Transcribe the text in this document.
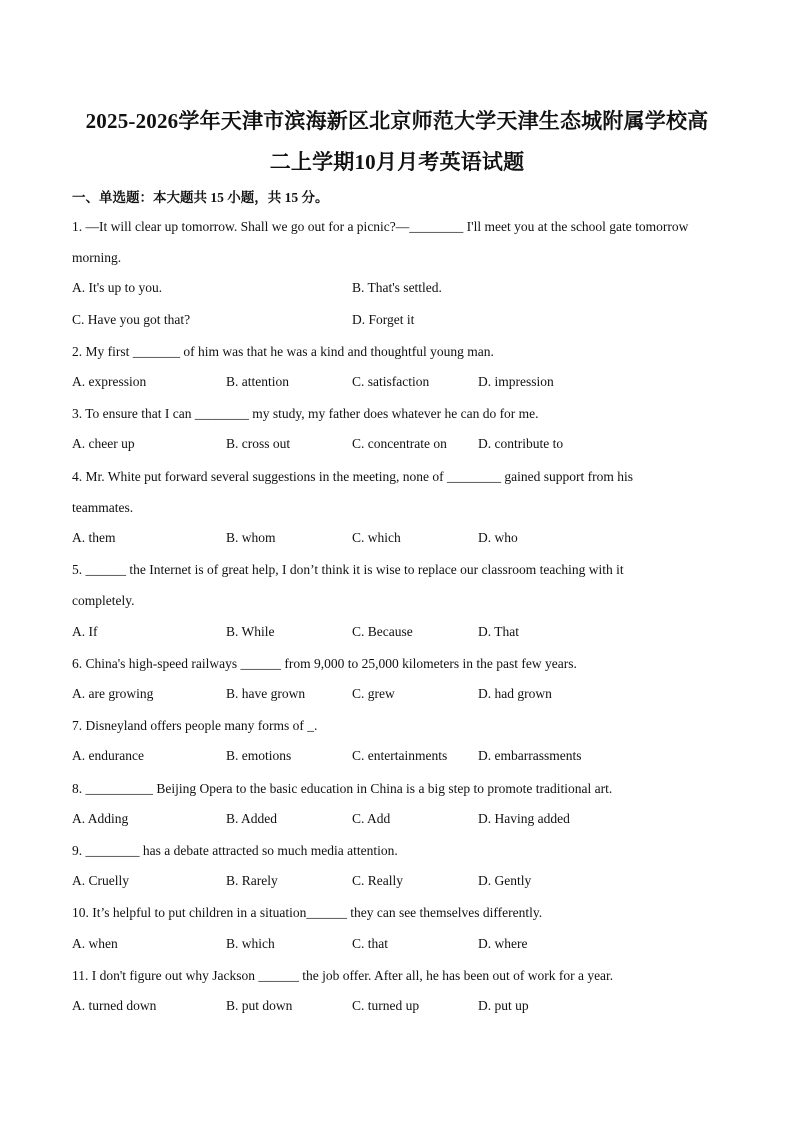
2025-2026学年天津市滨海新区北京师范大学天津生态城附属学校高
二上学期10月月考英语试题
一、单选题：本大题共 15 小题，共 15 分。
1. —It will clear up tomorrow. Shall we go out for a picnic?—________ I'll meet you at the school gate tomorrow
morning.
A. It's up to you.	B. That's settled.
C. Have you got that?	D. Forget it
2. My first _______ of him was that he was a kind and thoughtful young man.
A. expression	B. attention	C. satisfaction	D. impression
3. To ensure that I can ________ my study, my father does whatever he can do for me.
A. cheer up	B. cross out	C. concentrate on D. contribute to
4. Mr. White put forward several suggestions in the meeting, none of ________ gained support from his
teammates.
A. them	B. whom	C. which	D. who
5. ______ the Internet is of great help, I don’t think it is wise to replace our classroom teaching with it
completely.
A. If	B. While	C. Because	D. That
6. China's high-speed railways ______ from 9,000 to 25,000 kilometers in the past few years.
A. are growing	B. have grown	C. grew	D. had grown
7. Disneyland offers people many forms of _.
A. endurance	B. emotions	C. entertainments D. embarrassments
8. __________ Beijing Opera to the basic education in China is a big step to promote traditional art.
A. Adding	B. Added	C. Add	D. Having added
9. ________ has a debate attracted so much media attention.
A. Cruelly	B. Rarely	C. Really	D. Gently
10. It’s helpful to put children in a situation______ they can see themselves differently.
A. when	B. which	C. that	D. where
11. I don't figure out why Jackson ______ the job offer. After all, he has been out of work for a year.
A. turned down	B. put down	C. turned up	D. put up
